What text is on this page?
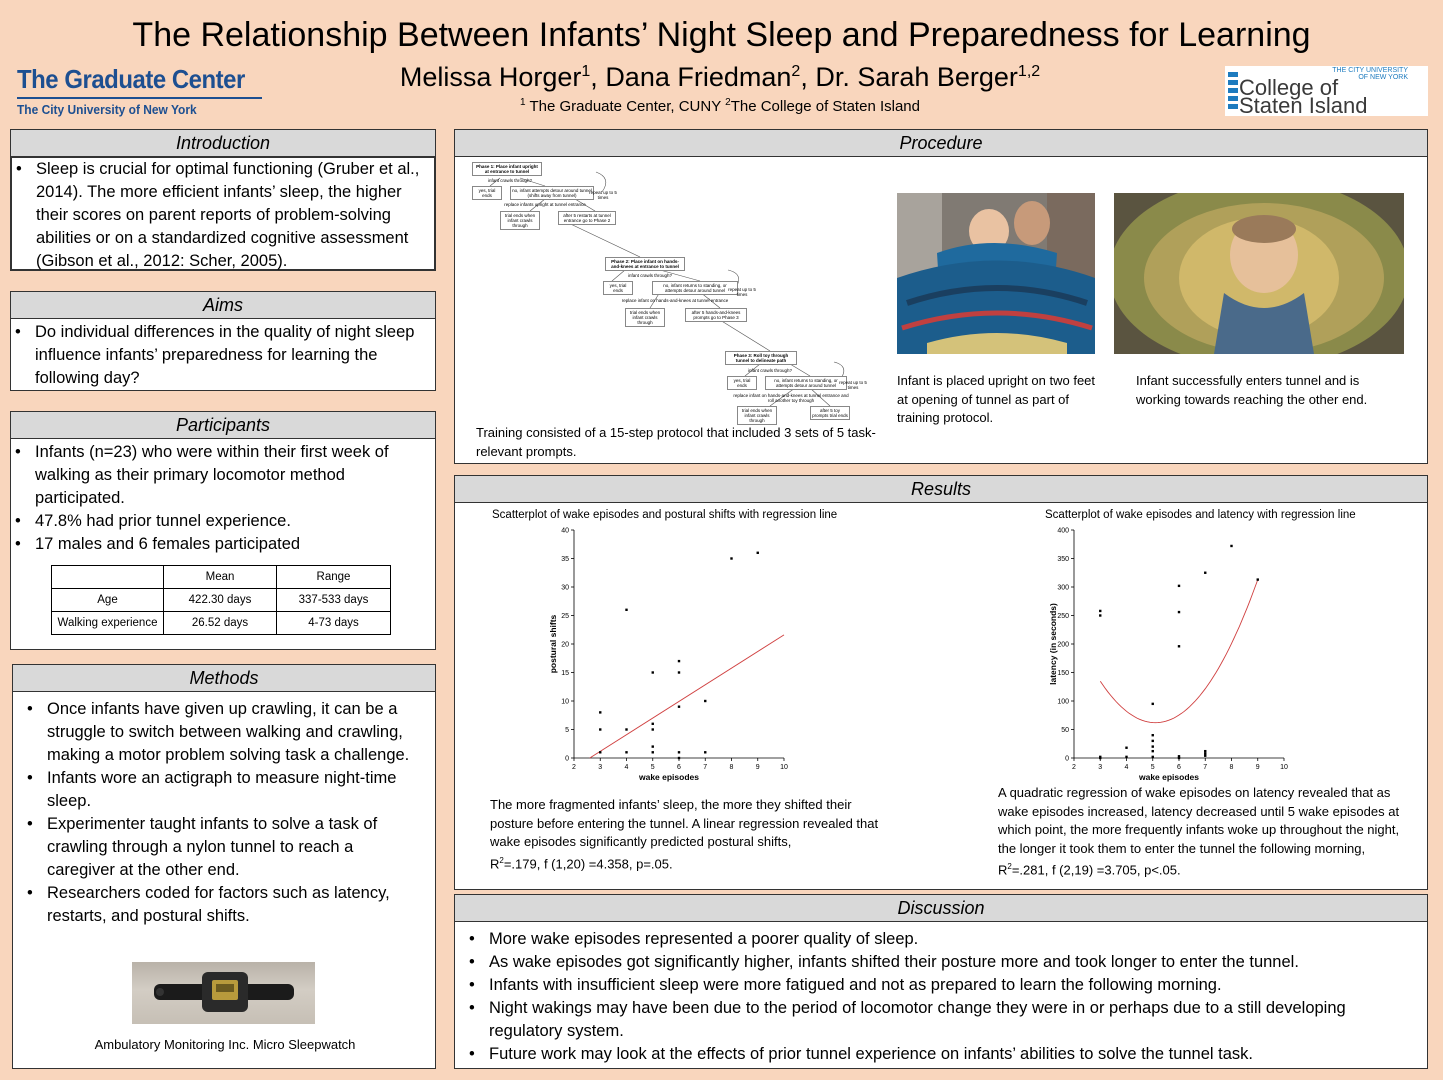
The Relationship Between Infants’ Night Sleep and Preparedness for Learning
Melissa Horger$^1$, Dana Friedman$^2$, Dr. Sarah Berger$^{1,2}$
$^1$ The Graduate Center, CUNY $^2$The College of Staten Island
The Graduate Center
The City University of New York
THE CITY UNIVERSITY
OF NEW YORK
College of
Staten Island
Introduction
• Sleep is crucial for optimal functioning (Gruber et al., 2014). The more efficient infants’ sleep, the higher their scores on parent reports of problem-solving abilities or on a standardized cognitive assessment (Gibson et al., 2012: Scher, 2005).
Aims
• Do individual differences in the quality of night sleep influence infants’ preparedness for learning the following day?
Participants
• Infants (n=23) who were within their first week of walking as their primary locomotor method participated.
• 47.8% had prior tunnel experience.
• 17 males and 6 females participated
	Mean	Range
Age	422.30 days	337-533 days
Walking experience	26.52 days	4-73 days
Methods
• Once infants have given up crawling, it can be a struggle to switch between walking and crawling, making a motor problem solving task a challenge.
• Infants wore an actigraph to measure night-time sleep.
• Experimenter taught infants to solve a task of crawling through a nylon tunnel to reach a caregiver at the other end.
• Researchers coded for factors such as latency, restarts, and postural shifts.
Ambulatory Monitoring Inc. Micro Sleepwatch
Procedure
Phase 1: Place infant upright at entrance to tunnel
infant crawls through?
yes, trial ends
no, infant attempts detour around tunnel (shifts away from tunnel)
repeat up to 5 times
replace infants upright at tunnel entrance
trial ends when infant crawls through
after 5 restarts at tunnel entrance go to Phase 2
Phase 2: Place infant on hands-and-knees at entrance to tunnel
infant crawls through?
yes, trial ends
no, infant returns to standing, or attempts detour around tunnel repeat up to 5 times
replace infant on hands-and-knees at tunnel entrance
trial ends when infant crawls through
after 5 hands-and-knees prompts go to Phase 3
Phase 3: Roll toy through tunnel to delineate path
infant crawls through?
yes, trial ends
no, infant returns to standing, or attempts detour around tunnel
repeat up to 5 times
replace infant on hands-and-knees at tunnel entrance and roll another toy through
trial ends when infant crawls through
after 5 toy prompts trial ends
Training consisted of a 15-step protocol that included 3 sets of 5 task-relevant prompts.
Infant is placed upright on two feet at opening of tunnel as part of training protocol.
Infant successfully enters tunnel and is working towards reaching the other end.
Results
Scatterplot of wake episodes and postural shifts with regression line
2	3	4	5	6	7	8	9	10
0
5
10
15
20
25
30
35
40
wake episodes
postural shifts
Scatterplot of wake episodes and latency with regression line
2	3	4	5	6	7	8	9	10
0
50
100
150
200
250
300
350
400
wake episodes
latency (in seconds)
The more fragmented infants’ sleep, the more they shifted their posture before entering the tunnel. A linear regression revealed that wake episodes significantly predicted postural shifts,
$R^2=.179$, f (1,20) =4.358, p=.05.
A quadratic regression of wake episodes on latency revealed that as wake episodes increased, latency decreased until 5 wake episodes at which point, the more frequently infants woke up throughout the night, the longer it took them to enter the tunnel the following morning, $R^2=.281$, f (2,19) =3.705, p<.05.
Discussion
• More wake episodes represented a poorer quality of sleep.
• As wake episodes got significantly higher, infants shifted their posture more and took longer to enter the tunnel.
• Infants with insufficient sleep were more fatigued and not as prepared to learn the following morning.
• Night wakings may have been due to the period of locomotor change they were in or perhaps due to a still developing regulatory system.
• Future work may look at the effects of prior tunnel experience on infants’ abilities to solve the tunnel task.
